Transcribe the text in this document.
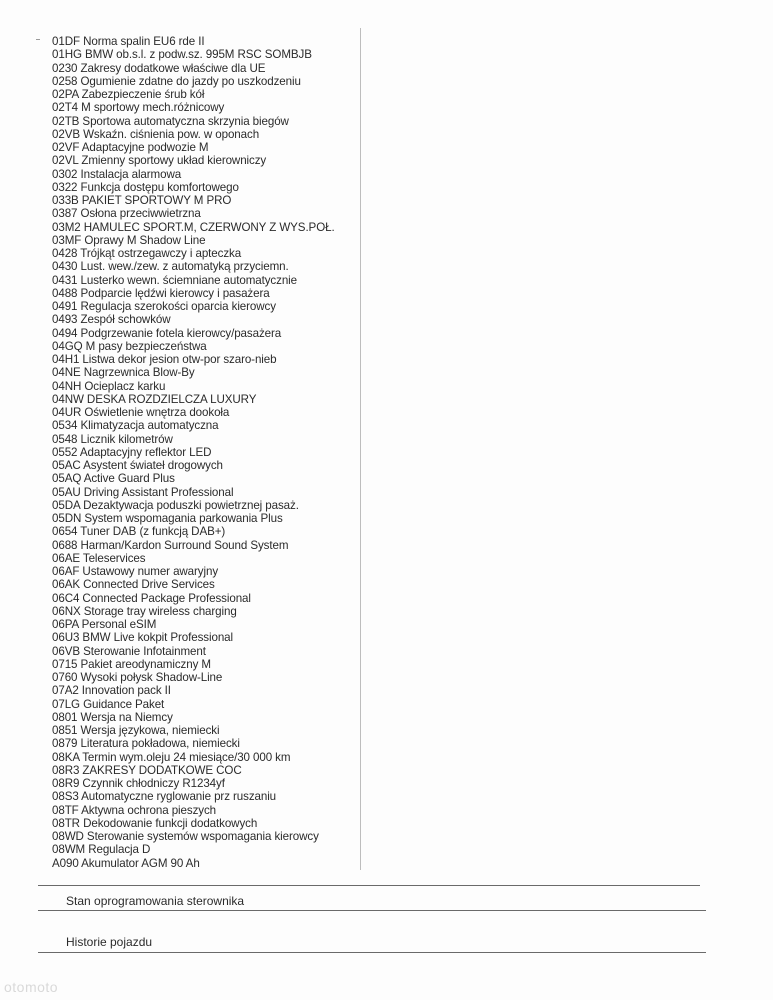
01DF Norma spalin EU6 rde II
01HG BMW ob.s.l. z podw.sz. 995M RSC SOMBJB
0230 Zakresy dodatkowe właściwe dla UE
0258 Ogumienie zdatne do jazdy po uszkodzeniu
02PA Zabezpieczenie śrub kół
02T4 M sportowy mech.różnicowy
02TB Sportowa automatyczna skrzynia biegów
02VB Wskaźn. ciśnienia pow. w oponach
02VF Adaptacyjne podwozie M
02VL Zmienny sportowy układ kierowniczy
0302 Instalacja alarmowa
0322 Funkcja dostępu komfortowego
033B PAKIET SPORTOWY M PRO
0387 Osłona przeciwwietrzna
03M2 HAMULEC SPORT.M, CZERWONY Z WYS.POŁ.
03MF Oprawy M Shadow Line
0428 Trójkąt ostrzegawczy i apteczka
0430 Lust. wew./zew. z automatyką przyciemn.
0431 Lusterko wewn. ściemniane automatycznie
0488 Podparcie lędźwi kierowcy i pasażera
0491 Regulacja szerokości oparcia kierowcy
0493 Zespół schowków
0494 Podgrzewanie fotela kierowcy/pasażera
04GQ M pasy bezpieczeństwa
04H1 Listwa dekor jesion otw-por szaro-nieb
04NE Nagrzewnica Blow-By
04NH Ocieplacz karku
04NW DESKA ROZDZIELCZA LUXURY
04UR Oświetlenie wnętrza dookoła
0534 Klimatyzacja automatyczna
0548 Licznik kilometrów
0552 Adaptacyjny reflektor LED
05AC Asystent świateł drogowych
05AQ Active Guard Plus
05AU Driving Assistant Professional
05DA Dezaktywacja poduszki powietrznej pasaż.
05DN System wspomagania parkowania Plus
0654 Tuner DAB (z funkcją DAB+)
0688 Harman/Kardon Surround Sound System
06AE Teleservices
06AF Ustawowy numer awaryjny
06AK Connected Drive Services
06C4 Connected Package Professional
06NX Storage tray wireless charging
06PA Personal eSIM
06U3 BMW Live kokpit Professional
06VB Sterowanie Infotainment
0715 Pakiet areodynamiczny M
0760 Wysoki połysk Shadow-Line
07A2 Innovation pack II
07LG Guidance Paket
0801 Wersja na Niemcy
0851 Wersja językowa, niemiecki
0879 Literatura pokładowa, niemiecki
08KA Termin wym.oleju 24 miesiące/30 000 km
08R3 ZAKRESY DODATKOWE COC
08R9 Czynnik chłodniczy R1234yf
08S3 Automatyczne ryglowanie prz ruszaniu
08TF Aktywna ochrona pieszych
08TR Dekodowanie funkcji dodatkowych
08WD Sterowanie systemów wspomagania kierowcy
08WM Regulacja D
A090 Akumulator AGM 90 Ah
Stan oprogramowania sterownika
Historie pojazdu
otomoto
